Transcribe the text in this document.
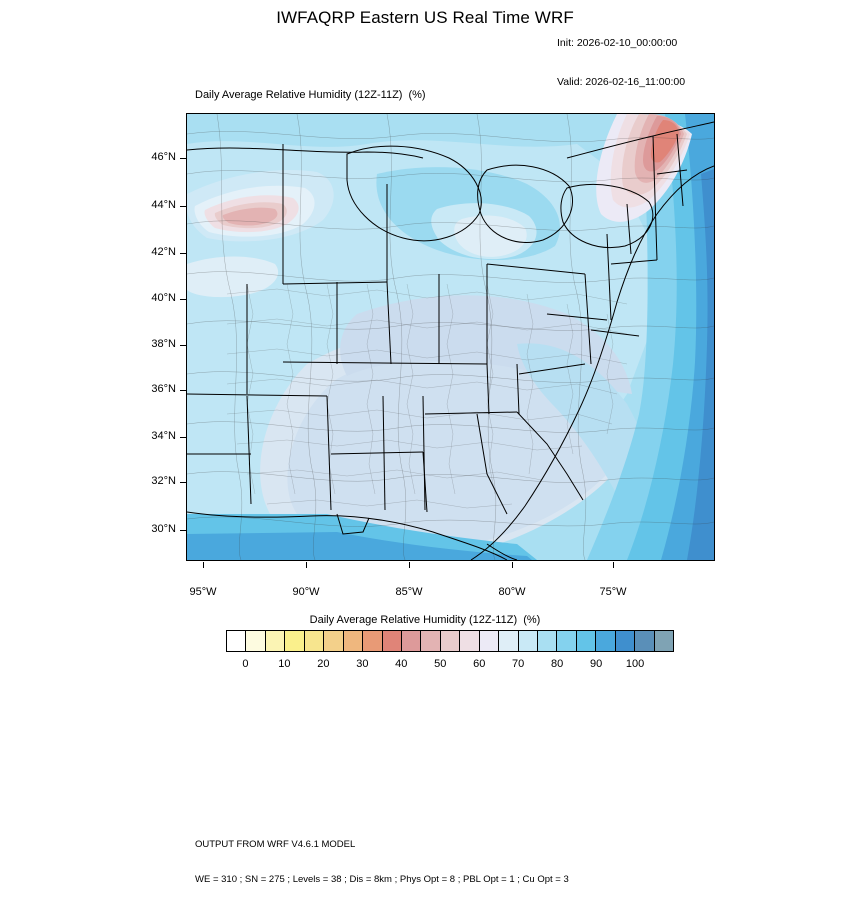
IWFAQRP Eastern US Real Time WRF

Init: 2026-02-10_00:00:00

Valid: 2026-02-16_11:00:00

Daily Average Relative Humidity (12Z-11Z) (%)
46°N
44°N
42°N
40°N
38°N
36°N
34°N
32°N
30°N
95°W	90°W	85°W	80°W	75°W
Daily Average Relative Humidity (12Z-11Z) (%)
0	10 20 30 40 50 60 70 80 90 100

OUTPUT FROM WRF V4.6.1 MODEL

WE = 310 ; SN = 275 ; Levels = 38 ; Dis = 8km ; Phys Opt = 8 ; PBL Opt = 1 ; Cu Opt = 3
